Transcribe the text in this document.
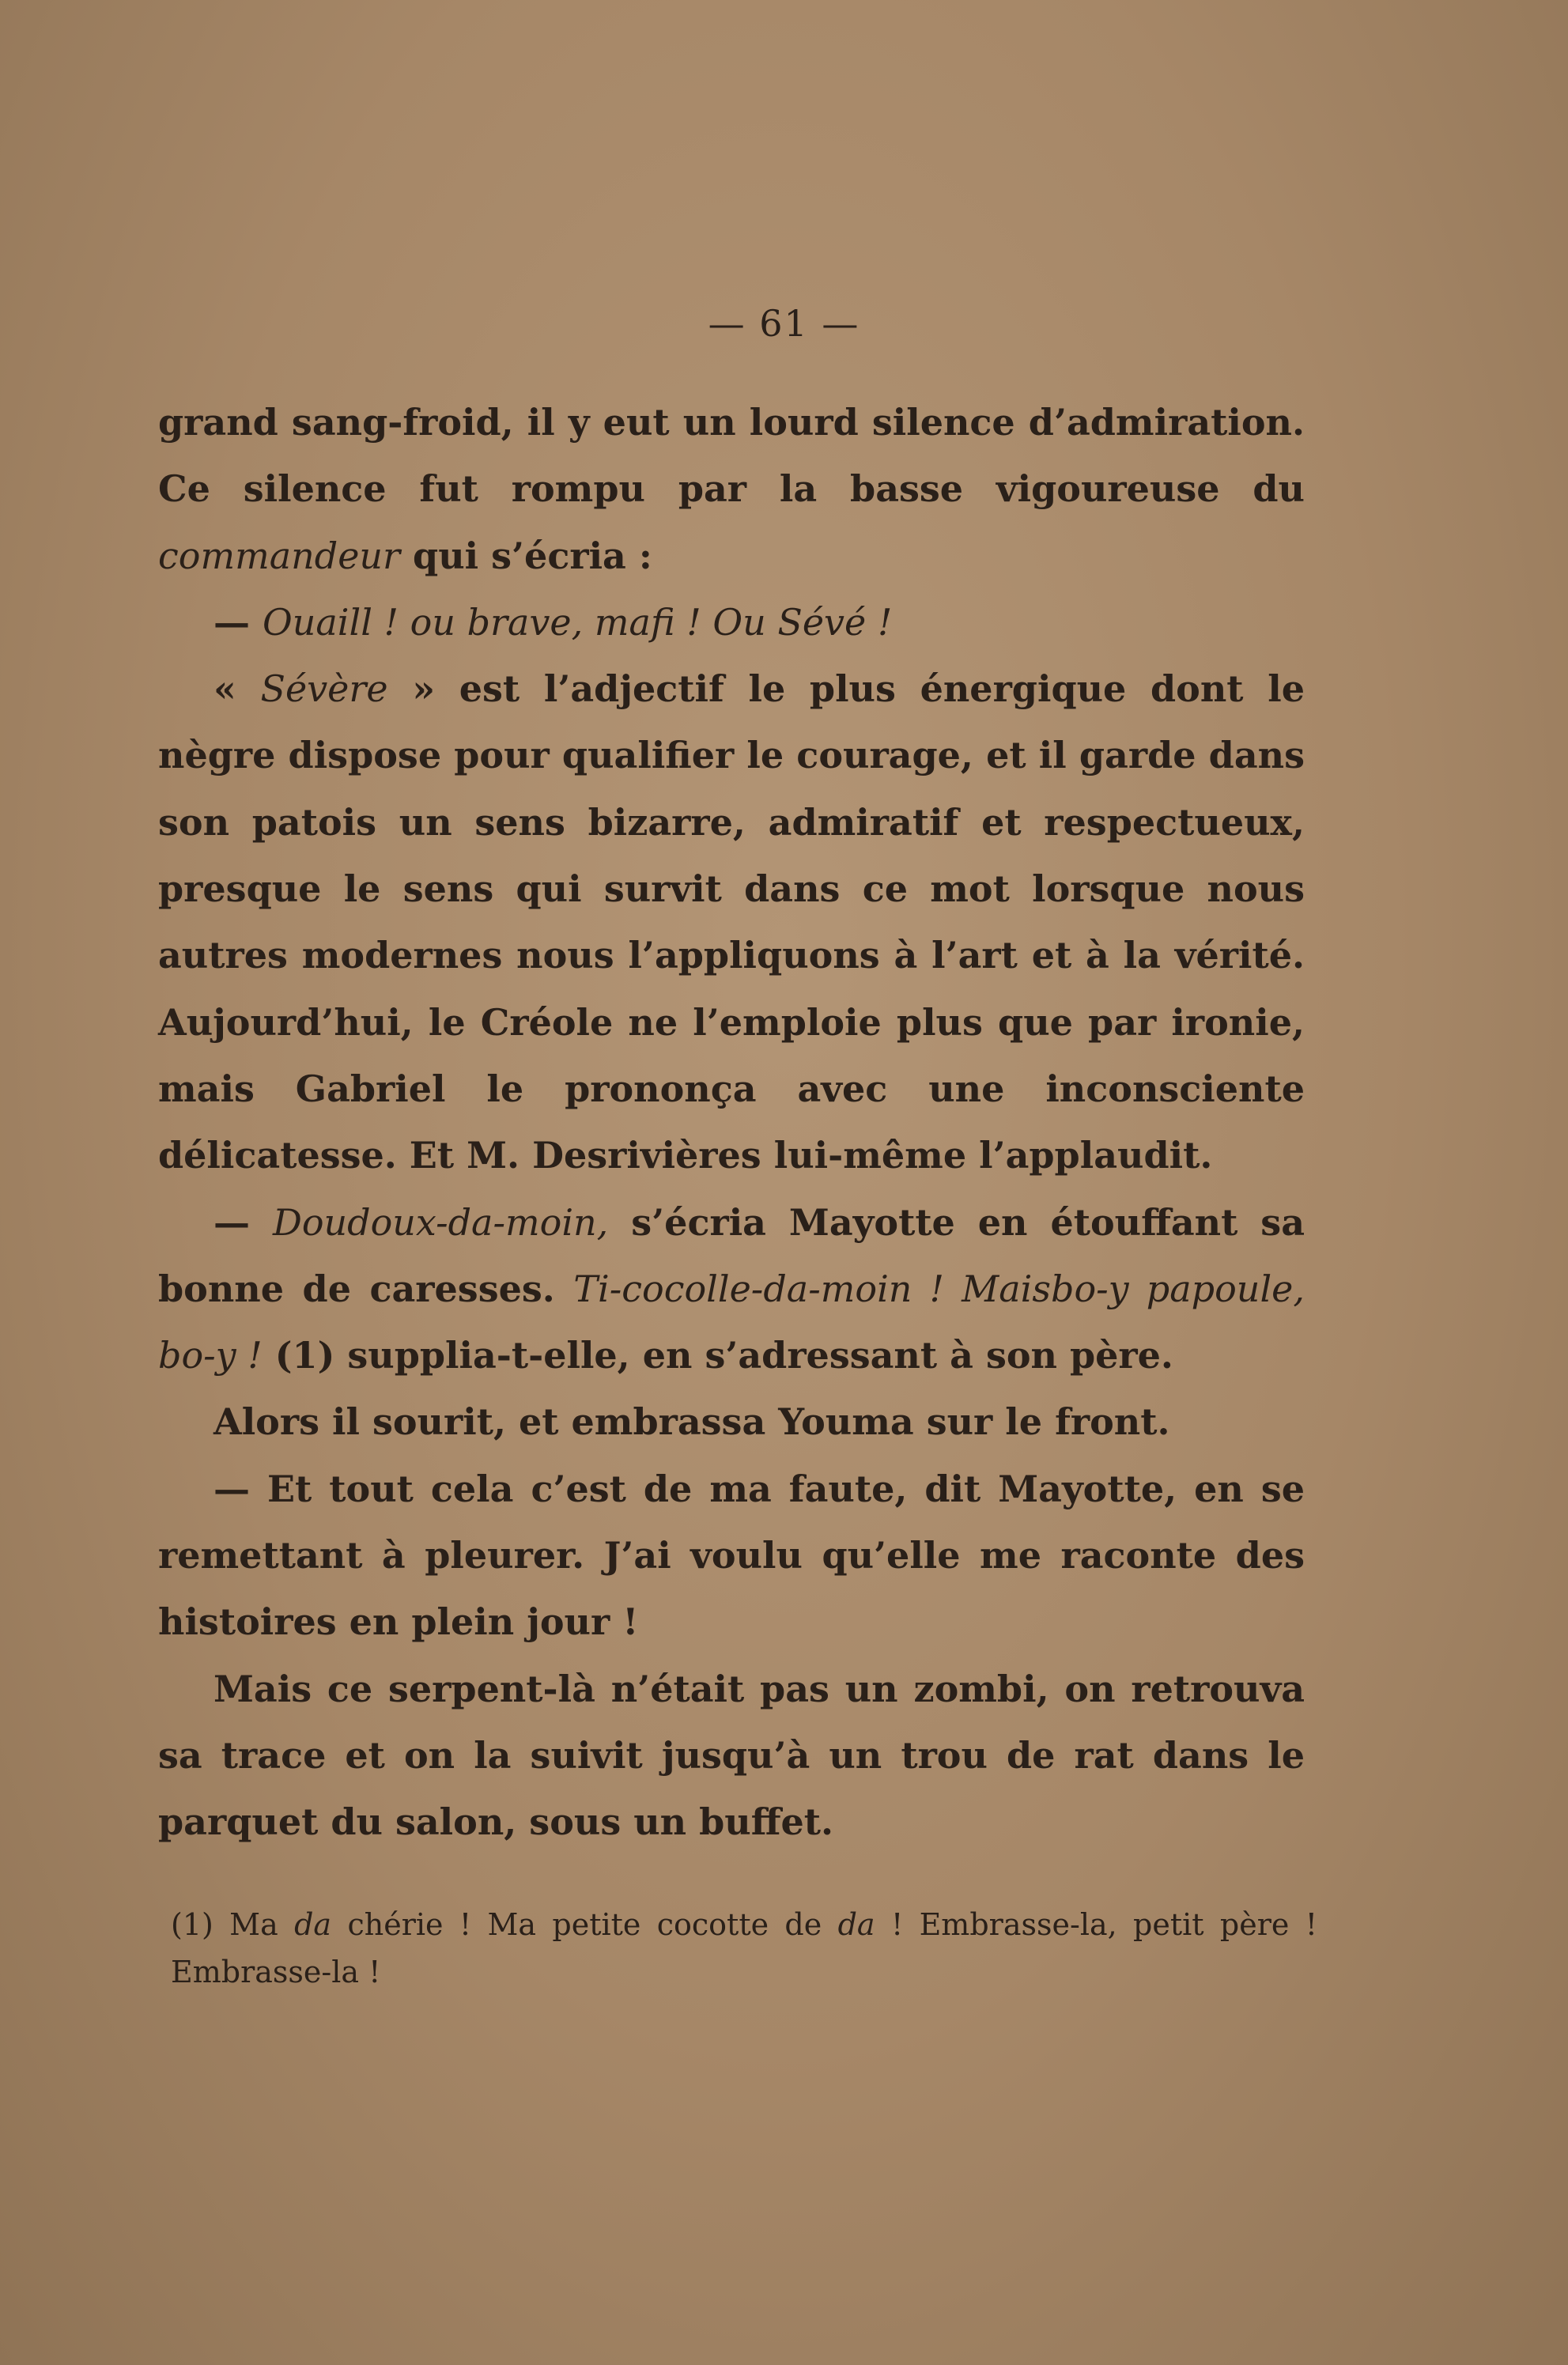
— 61 —

grand sang-froid, il y eut un lourd silence d’admiration. Ce silence fut rompu par la basse vigoureuse du commandeur qui s’écria :

— Ouaill ! ou brave, mafi ! Ou Sévé !

« Sévère » est l’adjectif le plus énergique dont le nègre dispose pour qualifier le courage, et il garde dans son patois un sens bizarre, admiratif et respectueux, presque le sens qui survit dans ce mot lorsque nous autres modernes nous l’appliquons à l’art et à la vérité. Aujourd’hui, le Créole ne l’emploie plus que par ironie, mais Gabriel le prononça avec une inconsciente délicatesse. Et M. Desrivières lui-même l’applaudit.

— Doudoux-da-moin, s’écria Mayotte en étouffant sa bonne de caresses. Ti-cocolle-da-moin ! Maisbo-y papoule, bo-y ! (1) supplia-t-elle, en s’adressant à son père.

Alors il sourit, et embrassa Youma sur le front.

— Et tout cela c’est de ma faute, dit Mayotte, en se remettant à pleurer. J’ai voulu qu’elle me raconte des histoires en plein jour !

Mais ce serpent-là n’était pas un zombi, on retrouva sa trace et on la suivit jusqu’à un trou de rat dans le parquet du salon, sous un buffet.

(1) Ma da chérie ! Ma petite cocotte de da ! Embrasse-la, petit père ! Embrasse-la !
